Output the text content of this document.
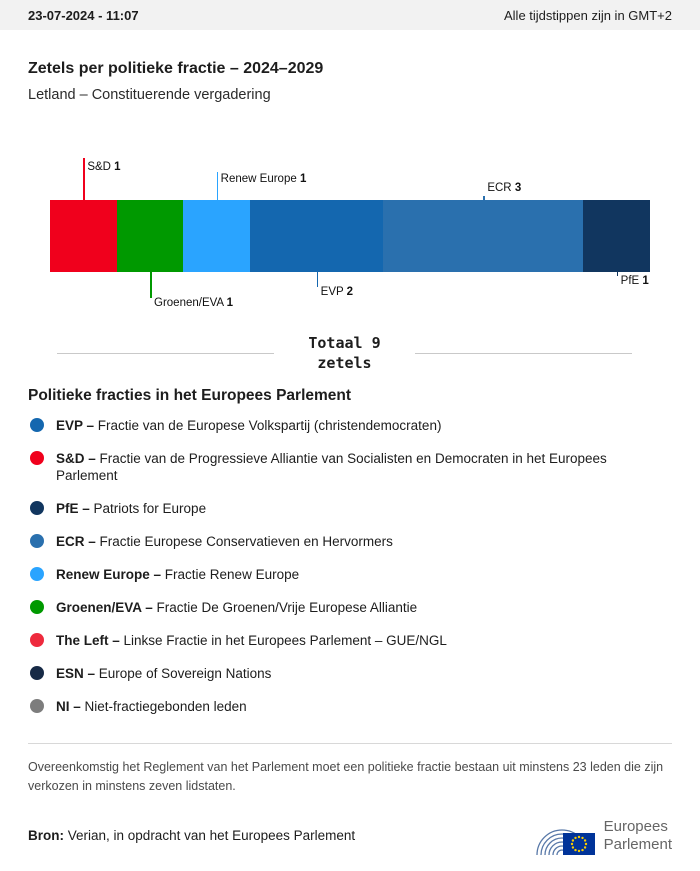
23-07-2024 - 11:07	Alle tijdstippen zijn in GMT+2
Zetels per politieke fractie – 2024–2029
Letland – Constituerende vergadering
S&D 1
Groenen/EVA 1
Renew Europe 1
EVP 2
ECR 3
PfE 1
Totaal 9
zetels
Politieke fracties in het Europees Parlement
EVP – Fractie van de Europese Volkspartij (christendemocraten)
S&D – Fractie van de Progressieve Alliantie van Socialisten en Democraten in het Europees Parlement
PfE – Patriots for Europe
ECR – Fractie Europese Conservatieven en Hervormers
Renew Europe – Fractie Renew Europe
Groenen/EVA – Fractie De Groenen/Vrije Europese Alliantie
The Left – Linkse Fractie in het Europees Parlement – GUE/NGL
ESN – Europe of Sovereign Nations
NI – Niet-fractiegebonden leden

Overeenkomstig het Reglement van het Parlement moet een politieke fractie bestaan uit minstens 23 leden die zijn verkozen in minstens zeven lidstaten.

Bron: Verian, in opdracht van het Europees Parlement
Europees
Parlement
